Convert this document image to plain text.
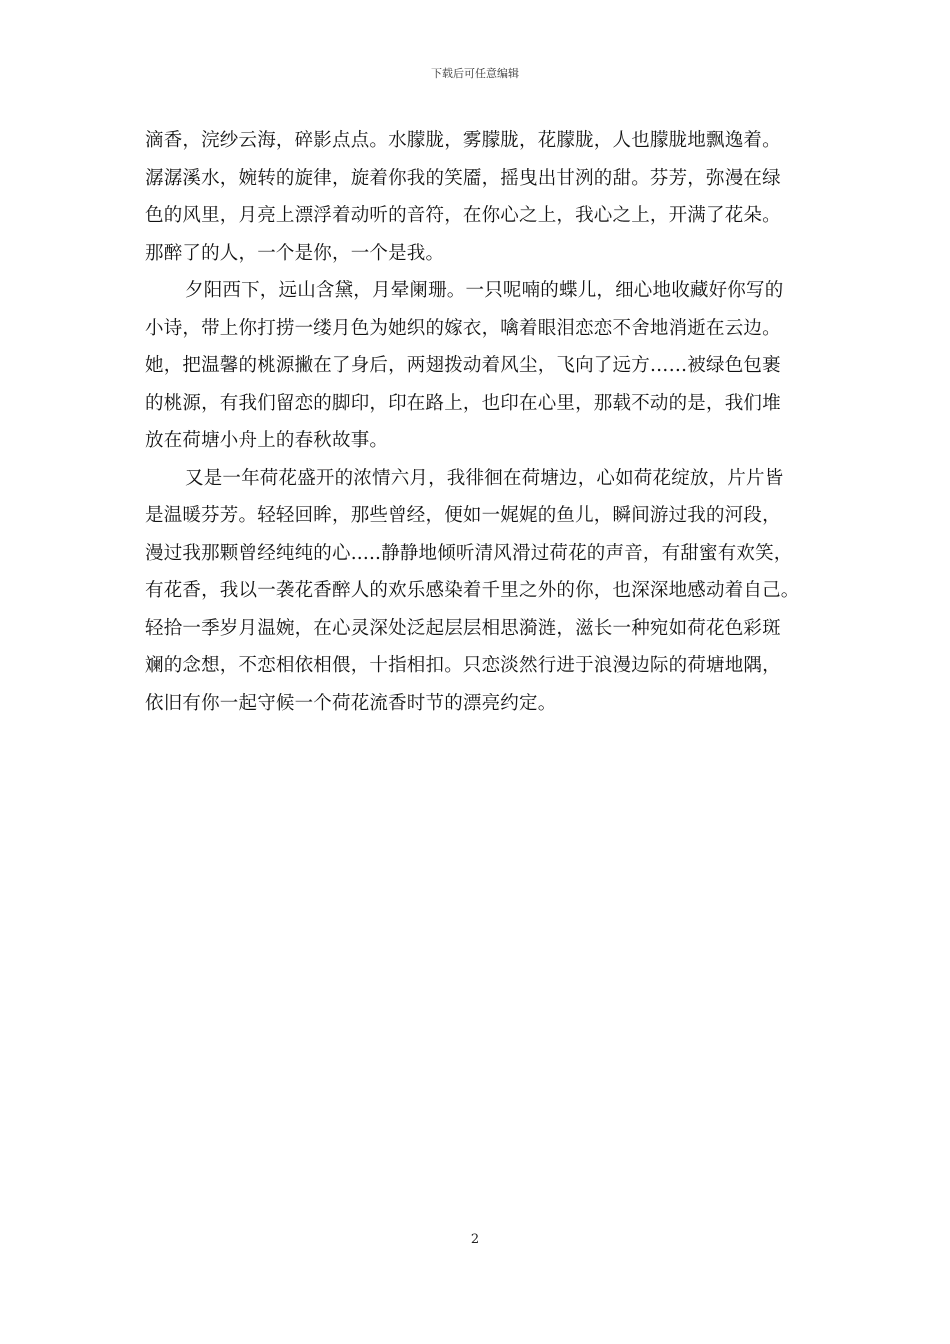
下载后可任意编辑
滴香，浣纱云海，碎影点点。水朦胧，雾朦胧，花朦胧，人也朦胧地飘逸着。
潺潺溪水，婉转的旋律，旋着你我的笑靥，摇曳出甘洌的甜。芬芳，弥漫在绿
色的风里，月亮上漂浮着动听的音符，在你心之上，我心之上，开满了花朵。
那醉了的人，一个是你，一个是我。
夕阳西下，远山含黛，月晕阑珊。一只呢喃的蝶儿，细心地收藏好你写的
小诗，带上你打捞一缕月色为她织的嫁衣，噙着眼泪恋恋不舍地消逝在云边。
她，把温馨的桃源撇在了身后，两翅拨动着风尘，飞向了远方……被绿色包裹
的桃源，有我们留恋的脚印，印在路上，也印在心里，那载不动的是，我们堆
放在荷塘小舟上的春秋故事。
又是一年荷花盛开的浓情六月，我徘徊在荷塘边，心如荷花绽放，片片皆
是温暖芬芳。轻轻回眸，那些曾经，便如一娓娓的鱼儿，瞬间游过我的河段，
漫过我那颗曾经纯纯的心.....静静地倾听清风滑过荷花的声音，有甜蜜有欢笑，
有花香，我以一袭花香醉人的欢乐感染着千里之外的你，也深深地感动着自己。
轻拾一季岁月温婉，在心灵深处泛起层层相思漪涟，滋长一种宛如荷花色彩斑
斓的念想，不恋相依相偎，十指相扣。只恋淡然行进于浪漫边际的荷塘地隅，
依旧有你一起守候一个荷花流香时节的漂亮约定。
2
